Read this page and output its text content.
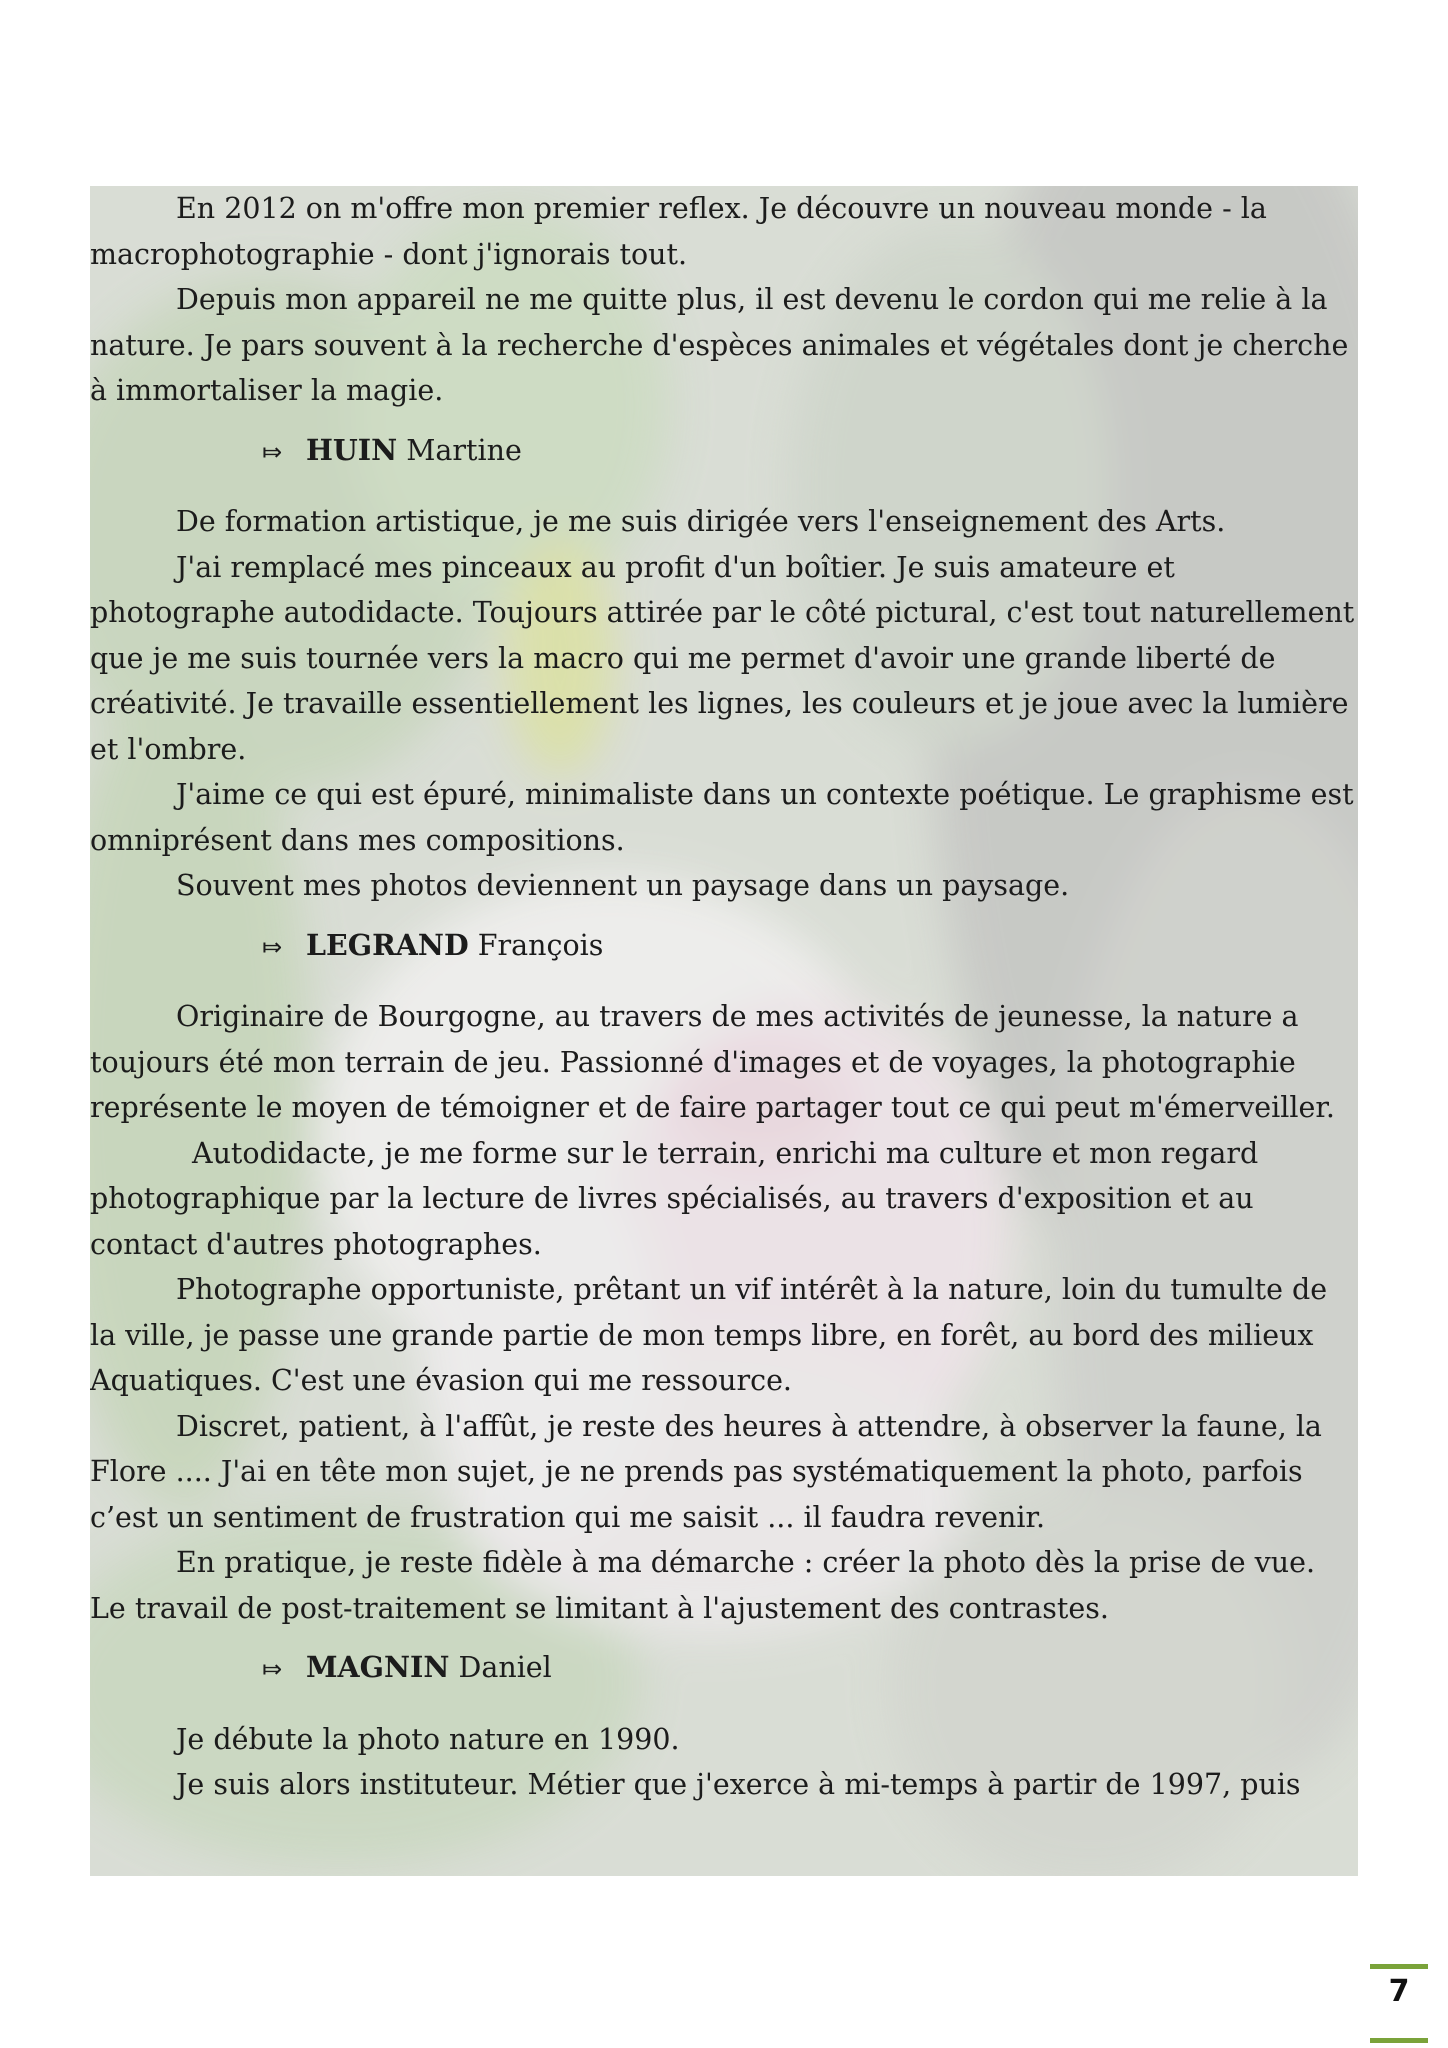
En 2012 on m'offre mon premier reflex. Je découvre un nouveau monde - la macrophotographie - dont j'ignorais tout.

Depuis mon appareil ne me quitte plus, il est devenu le cordon qui me relie à la nature. Je pars souvent à la recherche d'espèces animales et végétales dont je cherche à immortaliser la magie.

⤇ HUIN Martine

De formation artistique, je me suis dirigée vers l'enseignement des Arts.

J'ai remplacé mes pinceaux au profit d'un boîtier. Je suis amateure et photographe autodidacte. Toujours attirée par le côté pictural, c'est tout naturellement que je me suis tournée vers la macro qui me permet d'avoir une grande liberté de créativité. Je travaille essentiellement les lignes, les couleurs et je joue avec la lumière et l'ombre.

J'aime ce qui est épuré, minimaliste dans un contexte poétique. Le graphisme est omniprésent dans mes compositions.

Souvent mes photos deviennent un paysage dans un paysage.

⤇ LEGRAND François

Originaire de Bourgogne, au travers de mes activités de jeunesse, la nature a toujours été mon terrain de jeu. Passionné d'images et de voyages, la photographie représente le moyen de témoigner et de faire partager tout ce qui peut m'émerveiller.

Autodidacte, je me forme sur le terrain, enrichi ma culture et mon regard photographique par la lecture de livres spécialisés, au travers d'exposition et au contact d'autres photographes.

Photographe opportuniste, prêtant un vif intérêt à la nature, loin du tumulte de la ville, je passe une grande partie de mon temps libre, en forêt, au bord des milieux Aquatiques. C'est une évasion qui me ressource.

Discret, patient, à l'affût, je reste des heures à attendre, à observer la faune, la Flore .... J'ai en tête mon sujet, je ne prends pas systématiquement la photo, parfois c’est un sentiment de frustration qui me saisit ... il faudra revenir.

En pratique, je reste fidèle à ma démarche : créer la photo dès la prise de vue. Le travail de post-traitement se limitant à l'ajustement des contrastes.

⤇ MAGNIN Daniel

Je débute la photo nature en 1990.

Je suis alors instituteur. Métier que j'exerce à mi-temps à partir de 1997, puis

7
